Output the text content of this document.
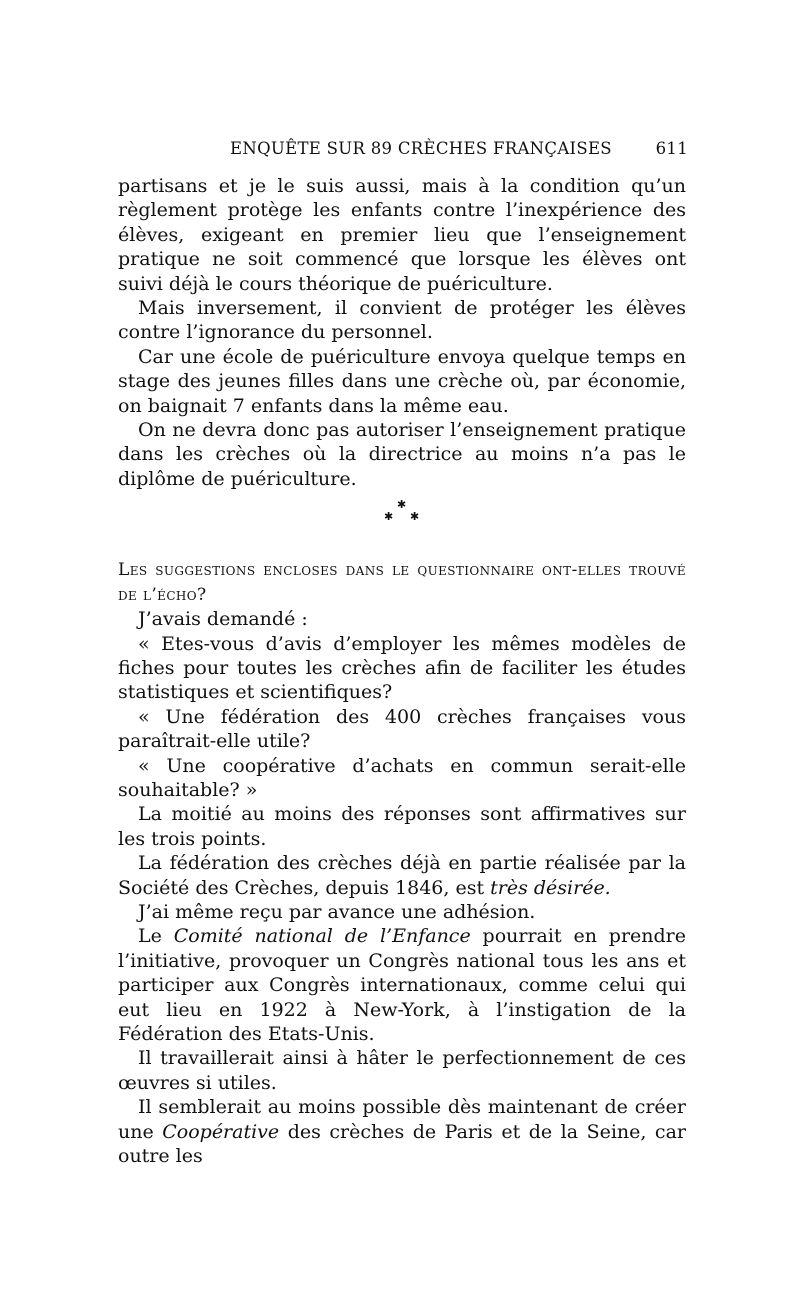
ENQUÊTE SUR 89 CRÈCHES FRANÇAISES	611

partisans et je le suis aussi, mais à la condition qu’un règlement protège les enfants contre l’inexpérience des élèves, exigeant en premier lieu que l’enseignement pratique ne soit commencé que lorsque les élèves ont suivi déjà le cours théorique de puériculture.

Mais inversement, il convient de protéger les élèves contre l’ignorance du personnel.

Car une école de puériculture envoya quelque temps en stage des jeunes filles dans une crèche où, par économie, on baignait 7 enfants dans la même eau.

On ne devra donc pas autoriser l’enseignement pratique dans les crèches où la directrice au moins n’a pas le diplôme de puériculture.

✱
✱ ✱

Les suggestions encloses dans le questionnaire ont-elles trouvé de l’écho?

J’avais demandé :

« Etes-vous d’avis d’employer les mêmes modèles de fiches pour toutes les crèches afin de faciliter les études statistiques et scientifiques?

« Une fédération des 400 crèches françaises vous paraîtrait-elle utile?

« Une coopérative d’achats en commun serait-elle souhaitable? »

La moitié au moins des réponses sont affirmatives sur les trois points.

La fédération des crèches déjà en partie réalisée par la Société des Crèches, depuis 1846, est très désirée.

J’ai même reçu par avance une adhésion.

Le Comité national de l’Enfance pourrait en prendre l’initiative, provoquer un Congrès national tous les ans et participer aux Congrès internationaux, comme celui qui eut lieu en 1922 à New-York, à l’instigation de la Fédération des Etats-Unis.

Il travaillerait ainsi à hâter le perfectionnement de ces œuvres si utiles.

Il semblerait au moins possible dès maintenant de créer une Coopérative des crèches de Paris et de la Seine, car outre les
